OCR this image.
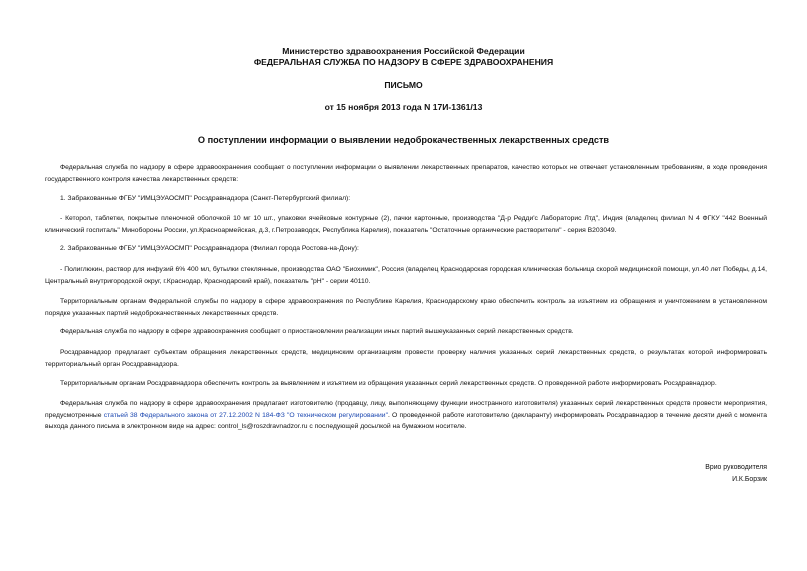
Министерство здравоохранения Российской Федерации
ФЕДЕРАЛЬНАЯ СЛУЖБА ПО НАДЗОРУ В СФЕРЕ ЗДРАВООХРАНЕНИЯ
ПИСЬМО
от 15 ноября 2013 года N 17И-1361/13
О поступлении информации о выявлении недоброкачественных лекарственных средств
Федеральная служба по надзору в сфере здравоохранения сообщает о поступлении информации о выявлении лекарственных препаратов, качество которых не отвечает установленным требованиям, в ходе проведения государственного контроля качества лекарственных средств:
1. Забракованные ФГБУ "ИМЦЭУАОСМП" Росздравнадзора (Санкт-Петербургский филиал):
- Кеторол, таблетки, покрытые пленочной оболочкой 10 мг 10 шт., упаковки ячейковые контурные (2), пачки картонные, производства "Д-р Редди'с Лабораторис Лтд", Индия (владелец филиал N 4 ФГКУ "442 Военный клинический госпиталь" Минобороны России, ул.Красноармейская, д.3, г.Петрозаводск, Республика Карелия), показатель "Остаточные органические растворители" - серия В203049.
2. Забракованные ФГБУ "ИМЦЭУАОСМП" Росздравнадзора (Филиал города Ростова-на-Дону):
- Полиглюкин, раствор для инфузий 6% 400 мл, бутылки стеклянные, производства ОАО "Биохимик", Россия (владелец Краснодарская городская клиническая больница скорой медицинской помощи, ул.40 лет Победы, д.14, Центральный внутригородской округ, г.Краснодар, Краснодарский край), показатель "рН" - серии 40110.
Территориальным органам Федеральной службы по надзору в сфере здравоохранения по Республике Карелия, Краснодарскому краю обеспечить контроль за изъятием из обращения и уничтожением в установленном порядке указанных партий недоброкачественных лекарственных средств.
Федеральная служба по надзору в сфере здравоохранения сообщает о приостановлении реализации иных партий вышеуказанных серий лекарственных средств.
Росздравнадзор предлагает субъектам обращения лекарственных средств, медицинским организациям провести проверку наличия указанных серий лекарственных средств, о результатах которой информировать территориальный орган Росздравнадзора.
Территориальным органам Росздравнадзора обеспечить контроль за выявлением и изъятием из обращения указанных серий лекарственных средств. О проведенной работе информировать Росздравнадзор.
Федеральная служба по надзору в сфере здравоохранения предлагает изготовителю (продавцу, лицу, выполняющему функции иностранного изготовителя) указанных серий лекарственных средств провести мероприятия, предусмотренные статьей 38 Федерального закона от 27.12.2002 N 184-ФЗ "О техническом регулировании". О проведенной работе изготовителю (декларанту) информировать Росздравнадзор в течение десяти дней с момента выхода данного письма в электронном виде на адрес: control_ls@roszdravnadzor.ru с последующей досылкой на бумажном носителе.
Врио руководителя
И.К.Борзик
